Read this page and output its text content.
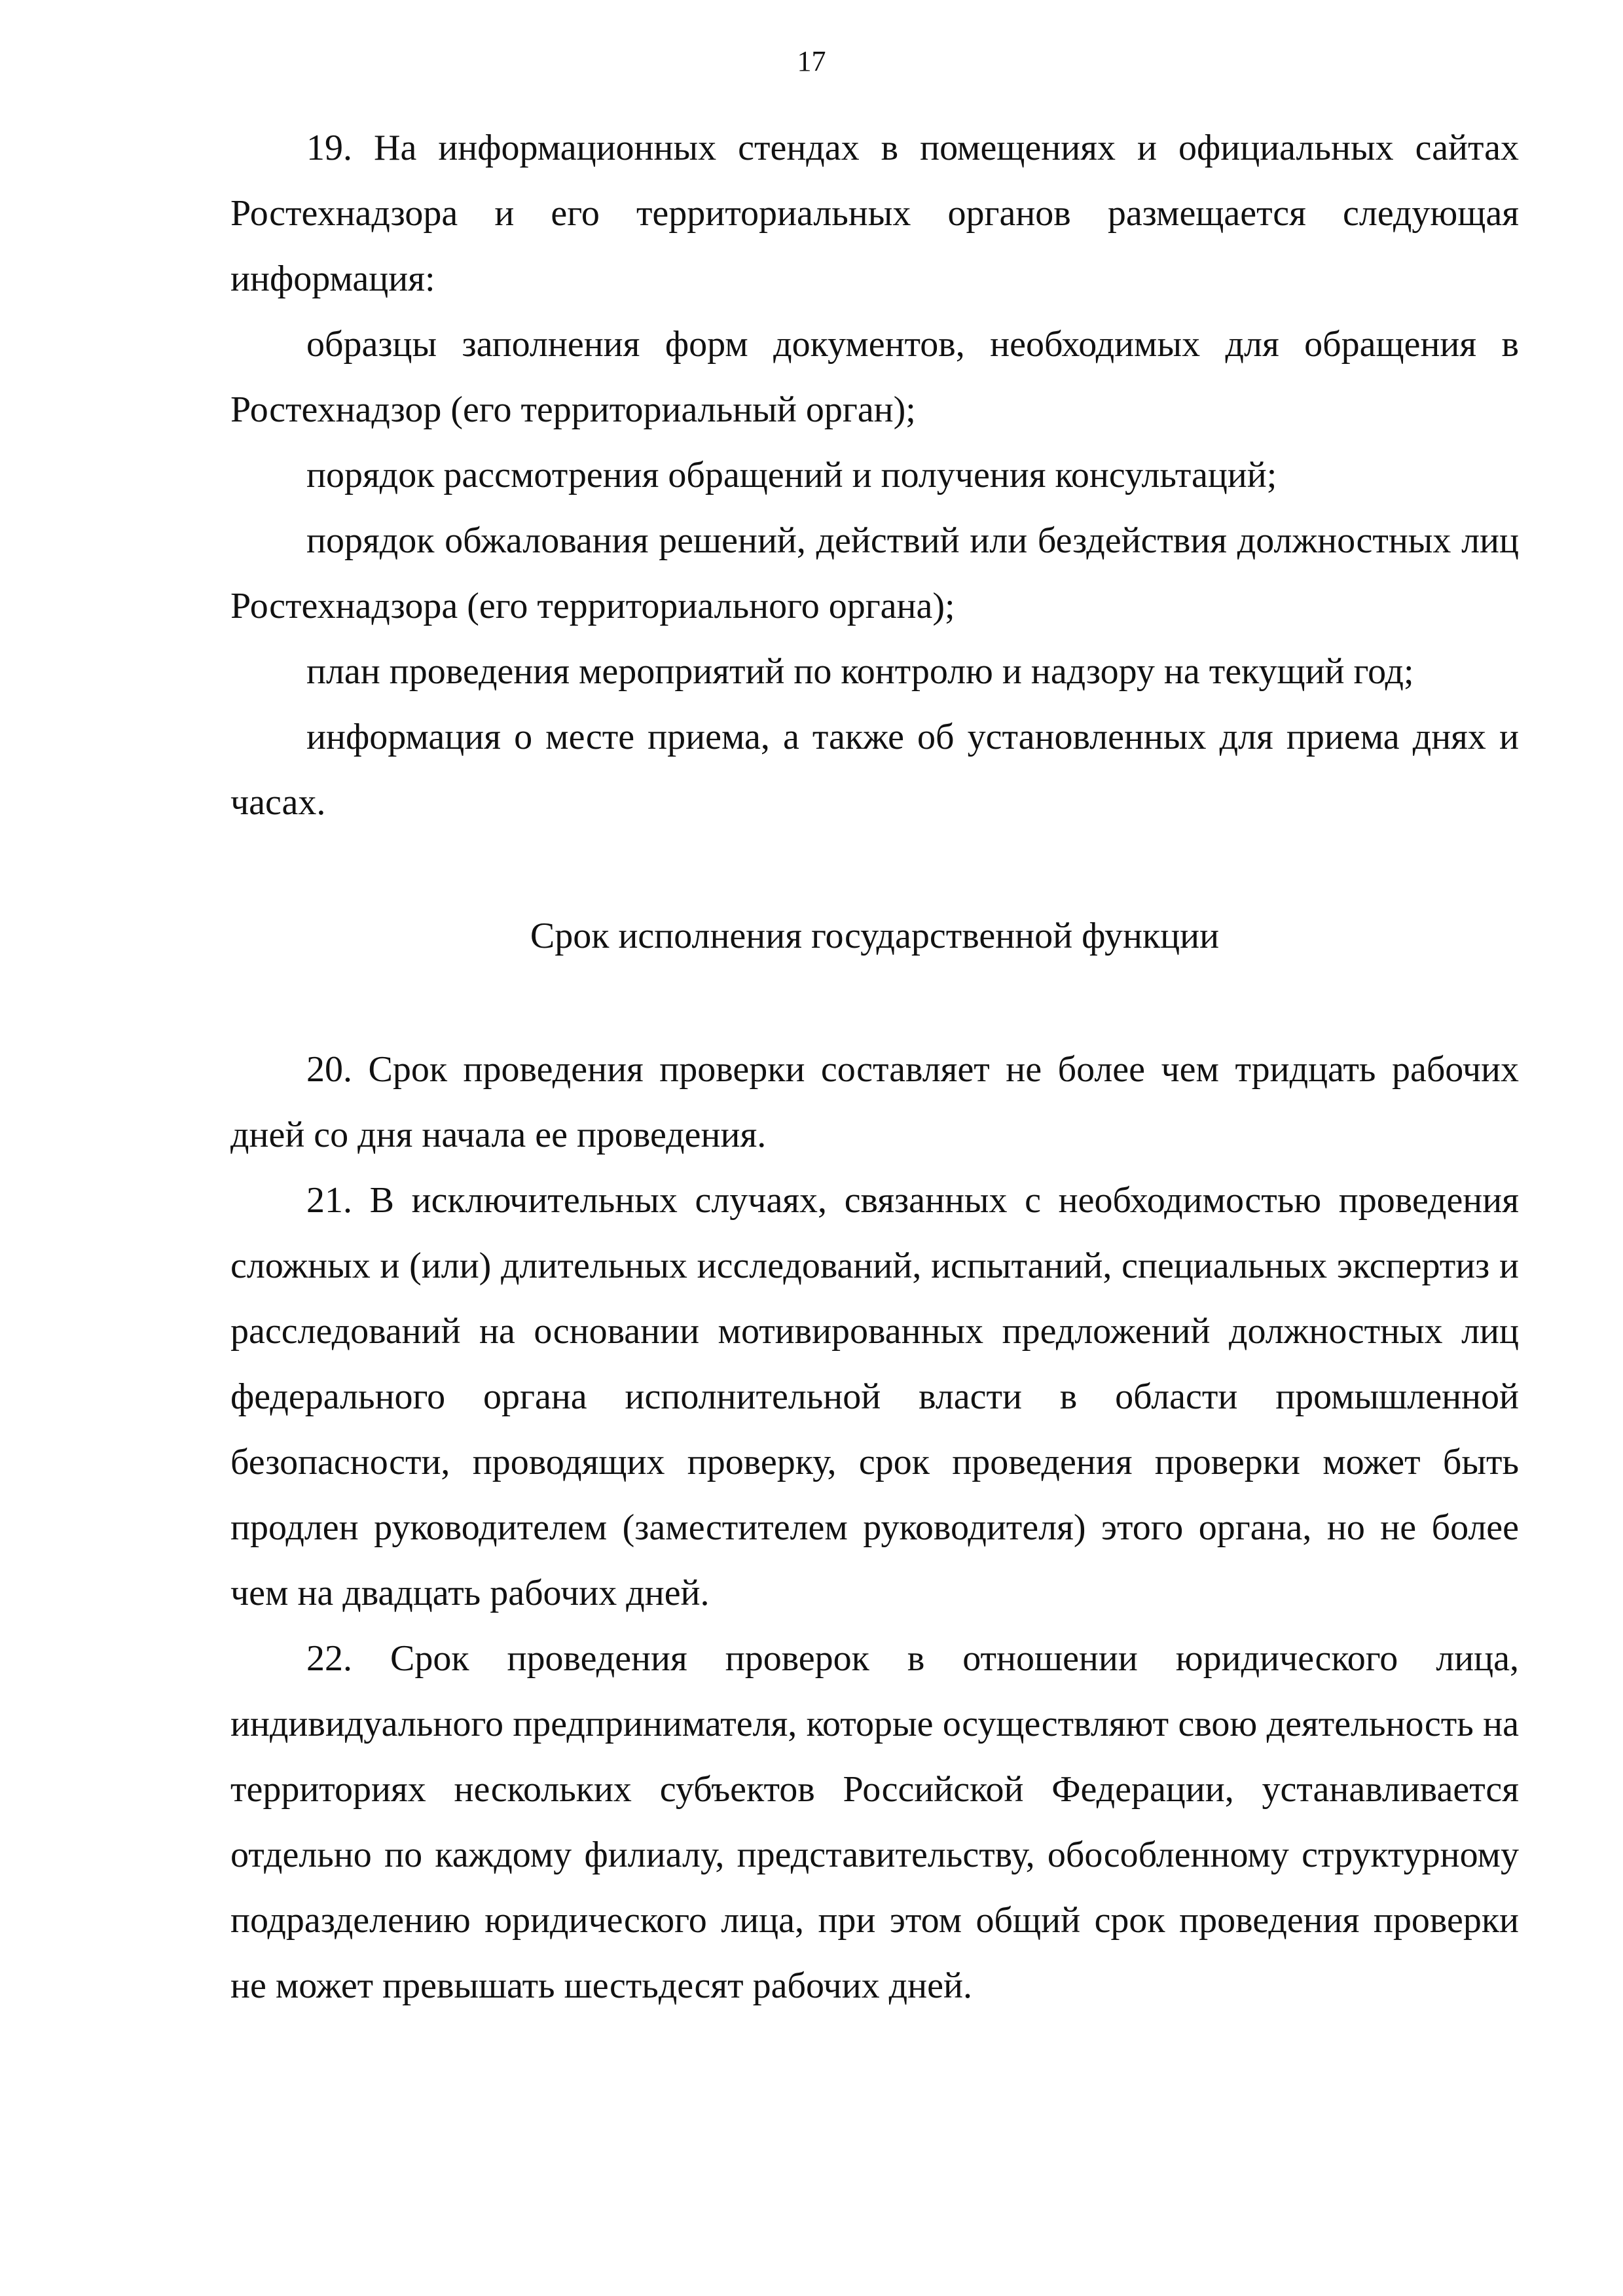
17

19. На информационных стендах в помещениях и официальных сайтах Ростехнадзора и его территориальных органов размещается следующая информация:

образцы заполнения форм документов, необходимых для обращения в Ростехнадзор (его территориальный орган);

порядок рассмотрения обращений и получения консультаций;

порядок обжалования решений, действий или бездействия должностных лиц Ростехнадзора (его территориального органа);

план проведения мероприятий по контролю и надзору на текущий год;

информация о месте приема, а также об установленных для приема днях и часах.

Срок исполнения государственной функции

20. Срок проведения проверки составляет не более чем тридцать рабочих дней со дня начала ее проведения.

21. В исключительных случаях, связанных с необходимостью проведения сложных и (или) длительных исследований, испытаний, специальных экспертиз и расследований на основании мотивированных предложений должностных лиц федерального органа исполнительной власти в области промышленной безопасности, проводящих проверку, срок проведения проверки может быть продлен руководителем (заместителем руководителя) этого органа, но не более чем на двадцать рабочих дней.

22. Срок проведения проверок в отношении юридического лица, индивидуального предпринимателя, которые осуществляют свою деятельность на территориях нескольких субъектов Российской Федерации, устанавливается отдельно по каждому филиалу, представительству, обособленному структурному подразделению юридического лица, при этом общий срок проведения проверки не может превышать шестьдесят рабочих дней.
